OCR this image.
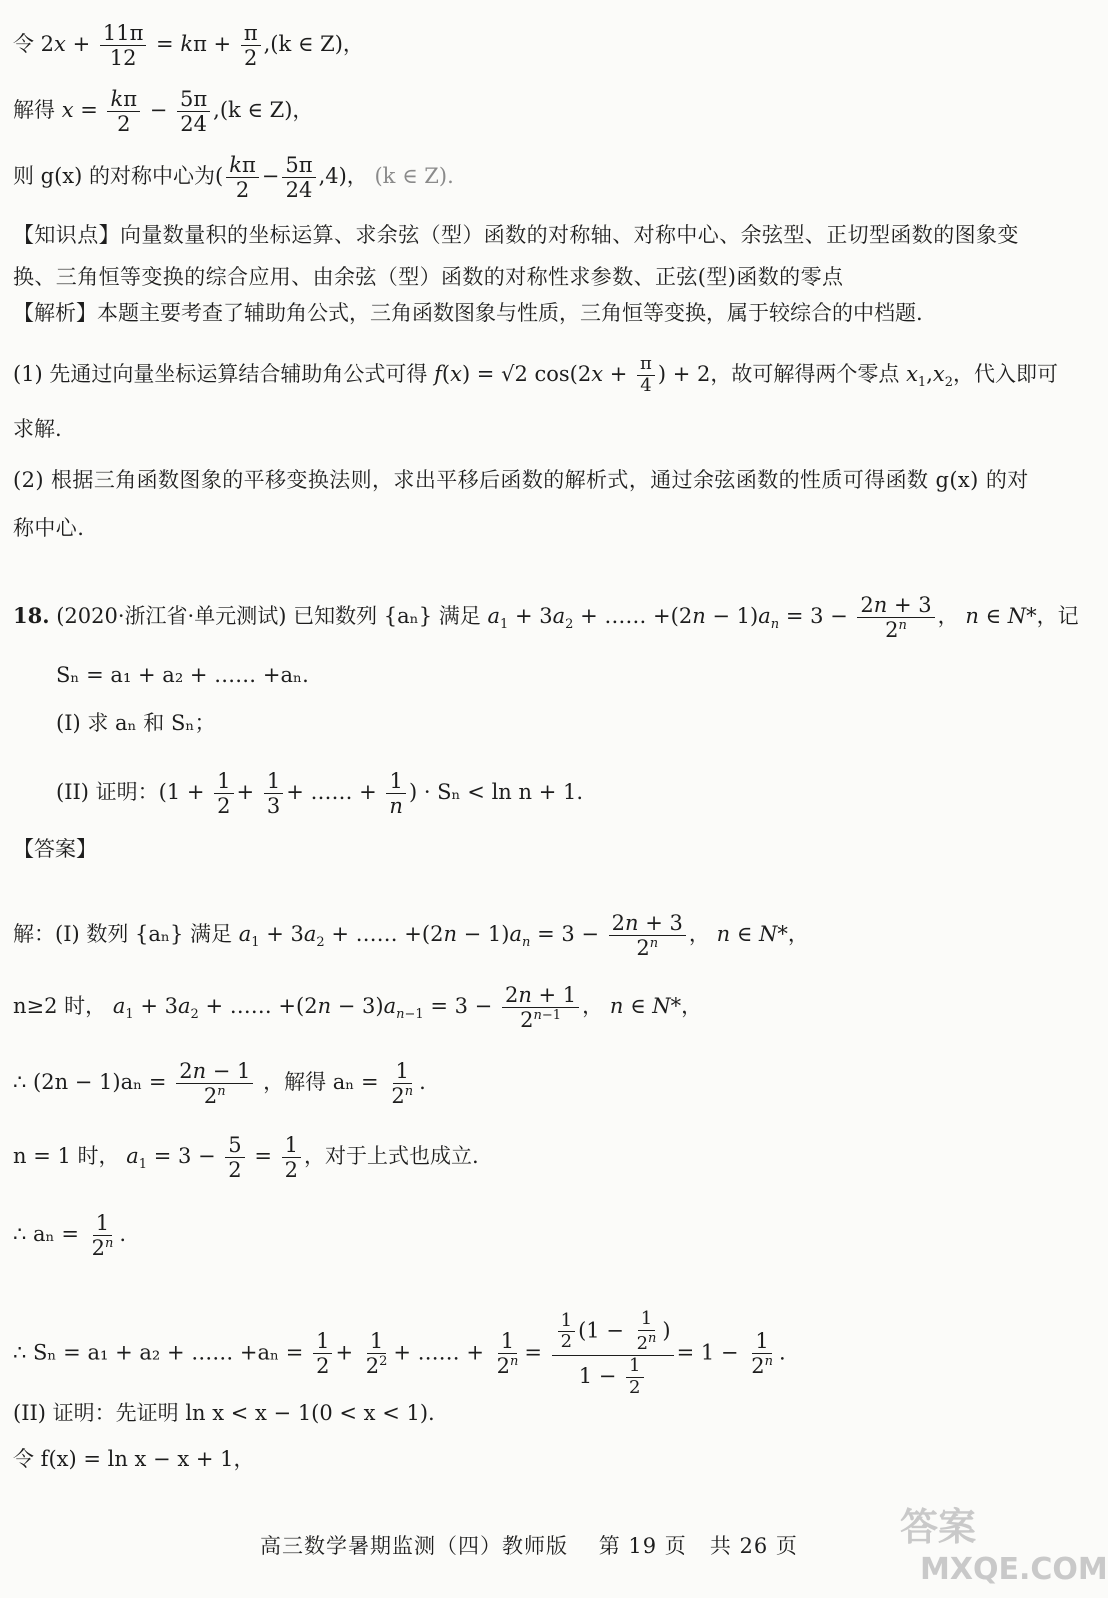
令 $2x + \frac{11\pi}{12} = k\pi + \frac{\pi}{2} ,(k$ ∈ Z)，
解得 $x = \frac{k\pi}{2} - \frac{5\pi}{24} ,(k$ ∈ Z)，
则 g(x) 的对称中心为( $\frac{k\pi}{2} - \frac{5\pi}{24} ,4$)， (k ∈ Z).
【知识点】向量数量积的坐标运算、求余弦（型）函数的对称轴、对称中心、余弦型、正切型函数的图象变换、三角恒等变换的综合应用、由余弦（型）函数的对称性求参数、正弦(型)函数的零点
【解析】本题主要考查了辅助角公式，三角函数图象与性质，三角恒等变换，属于较综合的中档题.
(1) 先通过向量坐标运算结合辅助角公式可得 f(x) = √2 $\cos(2x + \frac{\pi}{4}$ ) + 2，故可解得两个零点 $x_1,x_2$，代入即可
求解.
(2) 根据三角函数图象的平移变换法则，求出平移后函数的解析式，通过余弦函数的性质可得函数 g(x) 的对称中心.
18. (2020·浙江省·单元测试) 已知数列 {aₙ} 满足 $a_1 + 3a_2$ + …… $+(2n - 1)a_n = 3 - \frac{2n + 3}{2^n}$ ， n ∈ N*，记
Sₙ = a₁ + a₂ + …… +aₙ.
(I) 求 aₙ 和 Sₙ；
(II) 证明：($1 + \frac{1}{2} + \frac{1}{3}$ + …… + $\frac{1}{n}$ ) · Sₙ < ln n + 1.
【答案】
解：(I) 数列 {aₙ} 满足 $a_1 + 3a_2$ + …… $+(2n - 1)a_n = 3 - \frac{2n + 3}{2^n}$ ， n ∈ N*，
n≥2 时， $a_1 + 3a_2$ + …… $+(2n - 3)a_{n-1} = 3 - \frac{2n + 1}{2^{n-1}}$ ， n ∈ N*，
∴ $(2n - 1)a_n = \frac{2n - 1}{2^n}$ ，解得 $a_n = \frac{1}{2^n}$ .
n = 1 时， $a_1 = 3 - \frac{5}{2} = \frac{1}{2}$ ，对于上式也成立.
∴ $a_n = \frac{1}{2^n}$ .
∴ Sₙ = a₁ + a₂ + …… $+a_n = \frac{1}{2} + \frac{1}{2^2}$ + …… + $\frac{1}{2^n} = \frac{\frac{1}{2} (1 - \frac{1}{2^n} )}{1 - \frac{1}{2}} = 1 - \frac{1}{2^n}$ .
(II) 证明：先证明 ln x < x − 1(0 < x < 1).
令 f(x) = ln x − x + 1，
高三数学暑期监测（四）教师版 第 19 页 共 26 页	答案
MXQE.COM
